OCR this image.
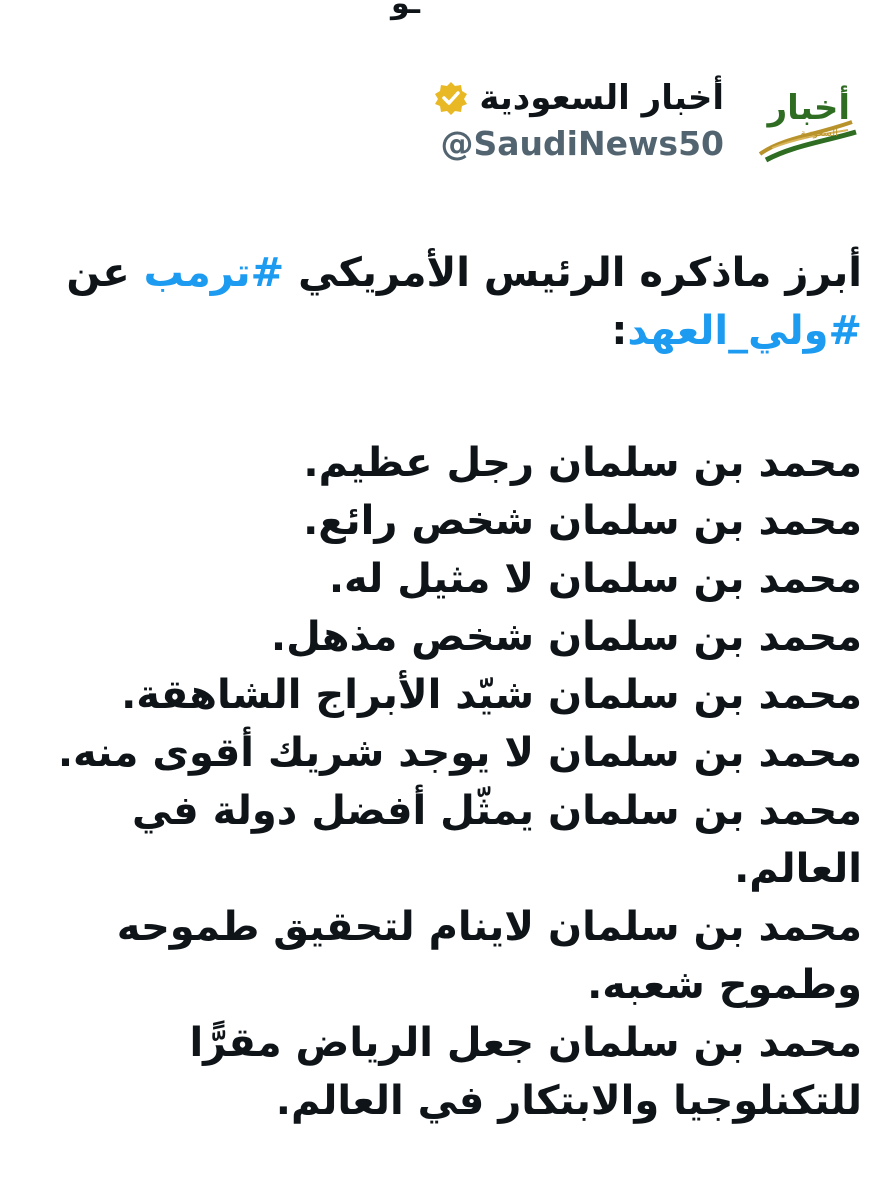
ـو
أخبار
السعودية
أخبار السعودية
@SaudiNews50
أبرز ماذكره الرئيس الأمريكي #ترمب عن
#ولي_العهد:
محمد بن سلمان رجل عظيم.
محمد بن سلمان شخص رائع.
محمد بن سلمان لا مثيل له.
محمد بن سلمان شخص مذهل.
محمد بن سلمان شيّد الأبراج الشاهقة.
محمد بن سلمان لا يوجد شريك أقوى منه.
محمد بن سلمان يمثّل أفضل دولة في
العالم.
محمد بن سلمان لاينام لتحقيق طموحه
وطموح شعبه.
محمد بن سلمان جعل الرياض مقرًّا
للتكنلوجيا والابتكار في العالم.
